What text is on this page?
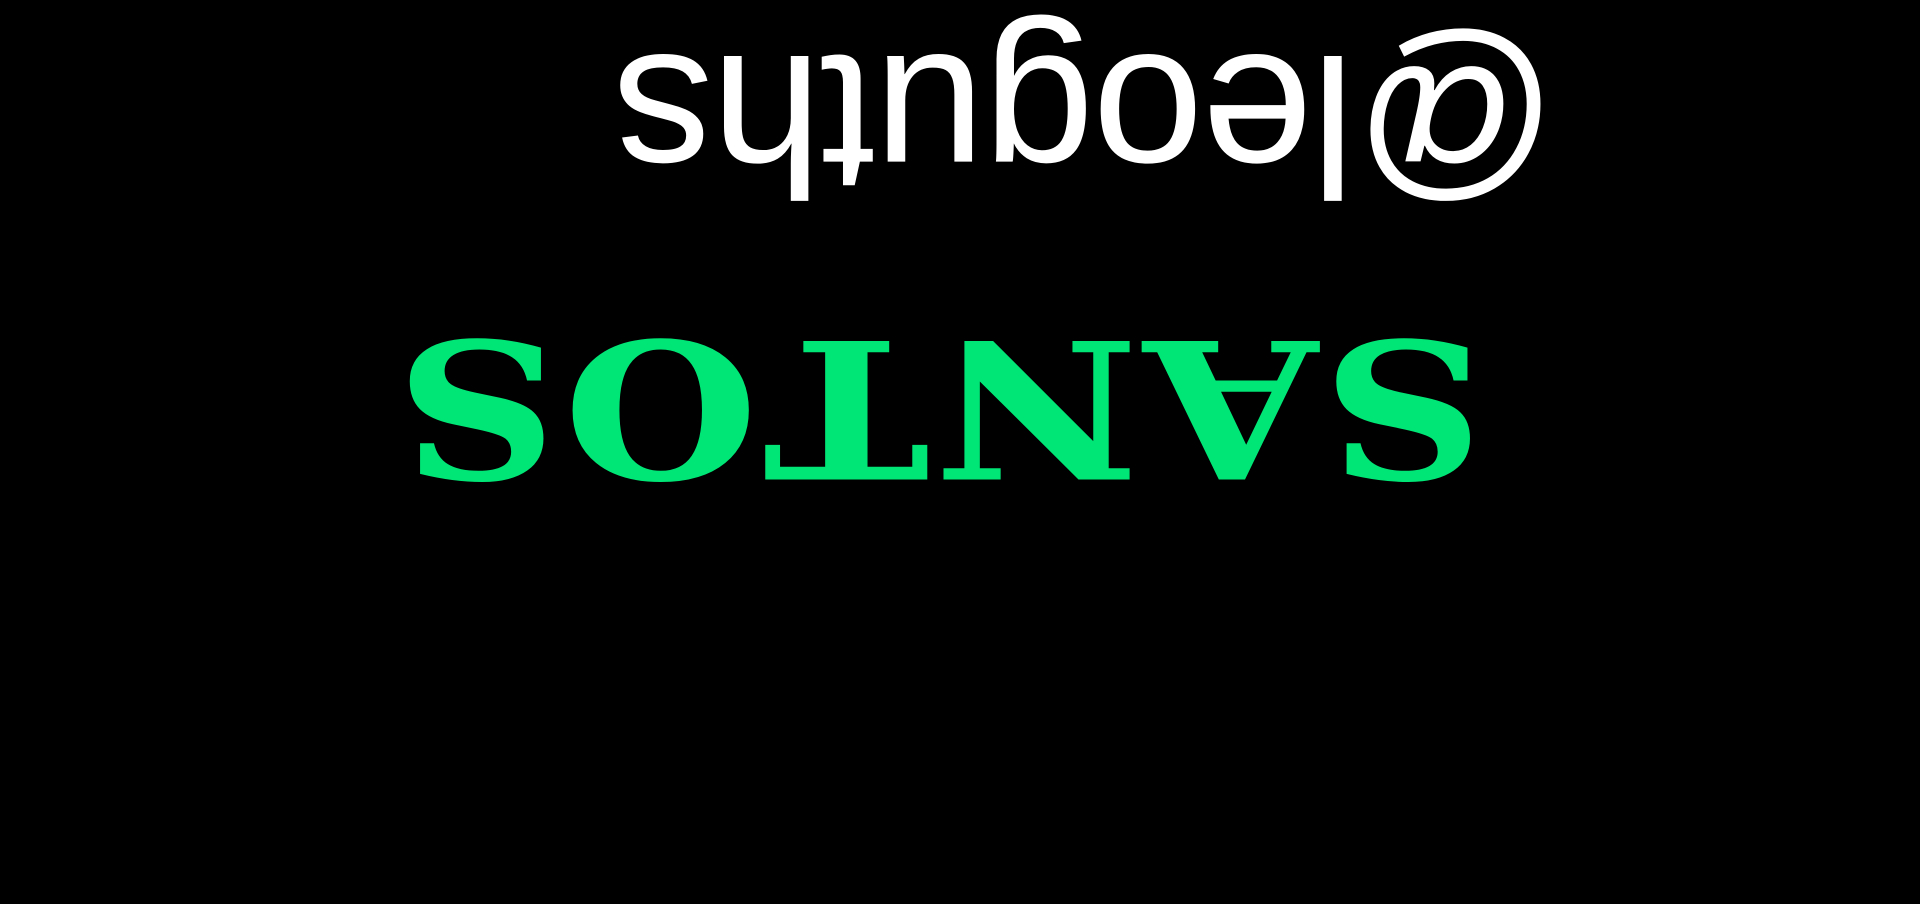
@leoguths
SANTOS
